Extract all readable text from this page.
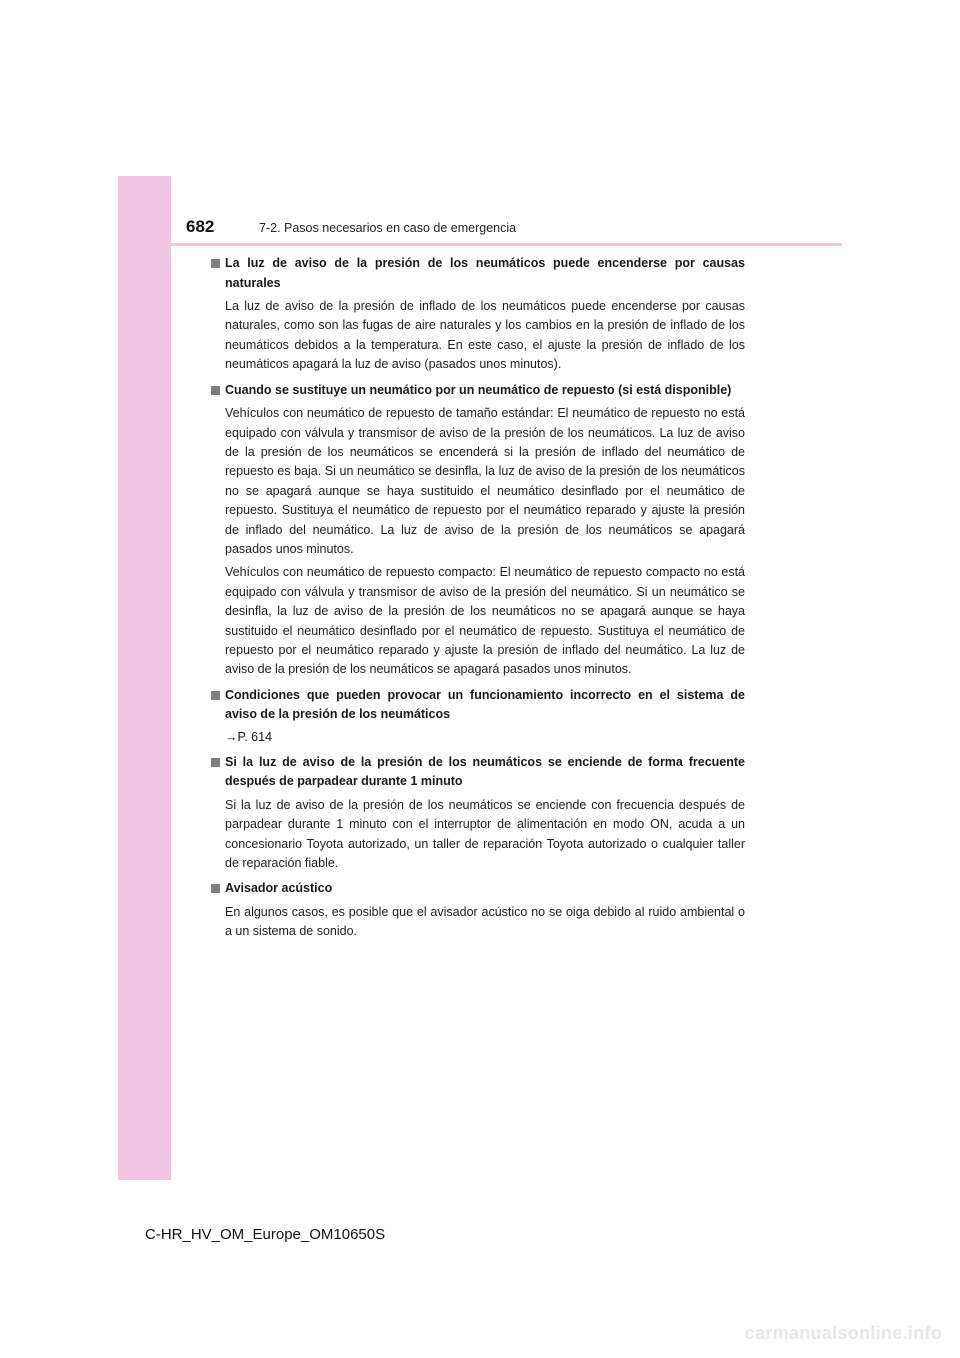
682	7-2. Pasos necesarios en caso de emergencia
La luz de aviso de la presión de los neumáticos puede encenderse por causas naturales

La luz de aviso de la presión de inflado de los neumáticos puede encenderse por causas naturales, como son las fugas de aire naturales y los cambios en la presión de inflado de los neumáticos debidos a la temperatura. En este caso, el ajuste la presión de inflado de los neumáticos apagará la luz de aviso (pasados unos minutos).

Cuando se sustituye un neumático por un neumático de repuesto (si está disponible)

Vehículos con neumático de repuesto de tamaño estándar: El neumático de repuesto no está equipado con válvula y transmisor de aviso de la presión de los neumáticos. La luz de aviso de la presión de los neumáticos se encenderá si la presión de inflado del neumático de repuesto es baja. Si un neumático se desinfla, la luz de aviso de la presión de los neumáticos no se apagará aunque se haya sustituido el neumático desinflado por el neumático de repuesto. Sustituya el neumático de repuesto por el neumático reparado y ajuste la presión de inflado del neumático. La luz de aviso de la presión de los neumáticos se apagará pasados unos minutos.

Vehículos con neumático de repuesto compacto: El neumático de repuesto compacto no está equipado con válvula y transmisor de aviso de la presión del neumático. Si un neumático se desinfla, la luz de aviso de la presión de los neumáticos no se apagará aunque se haya sustituido el neumático desinflado por el neumático de repuesto. Sustituya el neumático de repuesto por el neumático reparado y ajuste la presión de inflado del neumático. La luz de aviso de la presión de los neumáticos se apagará pasados unos minutos.

Condiciones que pueden provocar un funcionamiento incorrecto en el sistema de aviso de la presión de los neumáticos

→P. 614

Si la luz de aviso de la presión de los neumáticos se enciende de forma frecuente después de parpadear durante 1 minuto

Si la luz de aviso de la presión de los neumáticos se enciende con frecuencia después de parpadear durante 1 minuto con el interruptor de alimentación en modo ON, acuda a un concesionario Toyota autorizado, un taller de reparación Toyota autorizado o cualquier taller de reparación fiable.

Avisador acústico

En algunos casos, es posible que el avisador acústico no se oiga debido al ruido ambiental o a un sistema de sonido.

C-HR_HV_OM_Europe_OM10650S
carmanualsonline.info
